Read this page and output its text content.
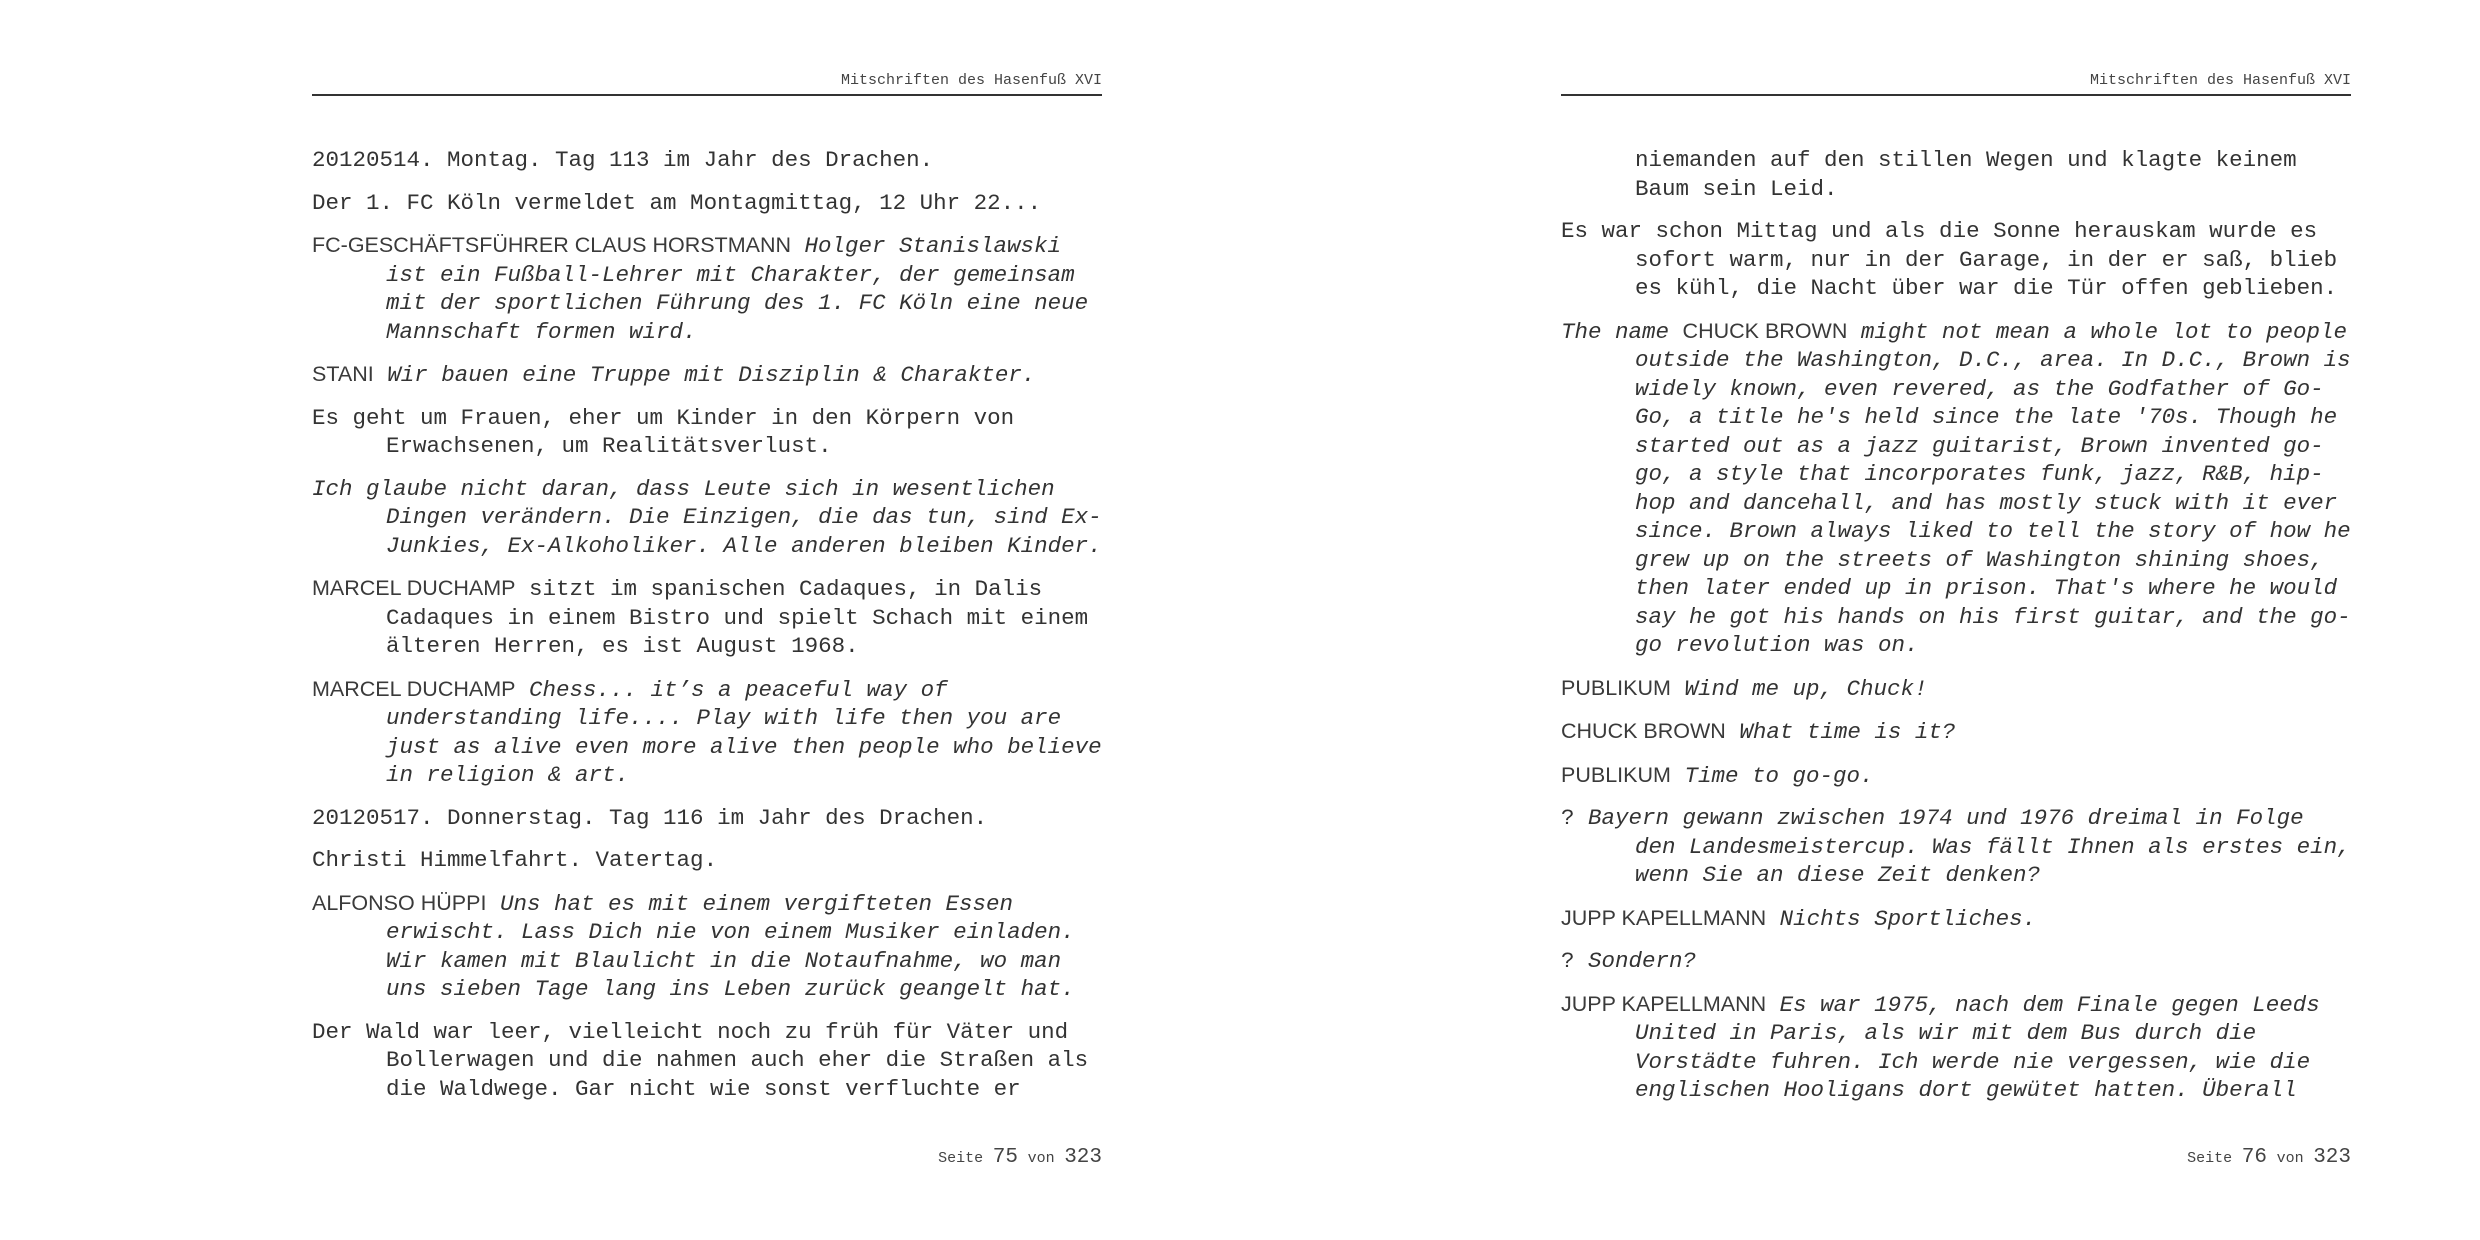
Mitschriften des Hasenfuß XVI

20120514. Montag. Tag 113 im Jahr des Drachen.

Der 1. FC Köln vermeldet am Montagmittag, 12 Uhr 22...

FC-GESCHÄFTSFÜHRER CLAUS HORSTMANN Holger Stanislawski ist ein Fußball-Lehrer mit Charakter, der gemeinsam mit der sportlichen Führung des 1. FC Köln eine neue Mannschaft formen wird.

STANI Wir bauen eine Truppe mit Disziplin & Charakter.

Es geht um Frauen, eher um Kinder in den Körpern von Erwachsenen, um Realitätsverlust.

Ich glaube nicht daran, dass Leute sich in wesentlichen Dingen verändern. Die Einzigen, die das tun, sind Ex-Junkies, Ex-Alkoholiker. Alle anderen bleiben Kinder.

MARCEL DUCHAMP sitzt im spanischen Cadaques, in Dalis Cadaques in einem Bistro und spielt Schach mit einem älteren Herren, es ist August 1968.

MARCEL DUCHAMP Chess... it’s a peaceful way of understanding life.... Play with life then you are just as alive even more alive then people who believe in religion & art.

20120517. Donnerstag. Tag 116 im Jahr des Drachen.

Christi Himmelfahrt. Vatertag.

ALFONSO HÜPPI Uns hat es mit einem vergifteten Essen erwischt. Lass Dich nie von einem Musiker einladen. Wir kamen mit Blaulicht in die Notaufnahme, wo man uns sieben Tage lang ins Leben zurück geangelt hat.

Der Wald war leer, vielleicht noch zu früh für Väter und Bollerwagen und die nahmen auch eher die Straßen als die Waldwege. Gar nicht wie sonst verfluchte er

Seite 75 von 323
Mitschriften des Hasenfuß XVI

niemanden auf den stillen Wegen und klagte keinem Baum sein Leid.

Es war schon Mittag und als die Sonne herauskam wurde es sofort warm, nur in der Garage, in der er saß, blieb es kühl, die Nacht über war die Tür offen geblieben.

The name CHUCK BROWN might not mean a whole lot to people outside the Washington, D.C., area. In D.C., Brown is widely known, even revered, as the Godfather of Go-Go, a title he's held since the late '70s. Though he started out as a jazz guitarist, Brown invented go-go, a style that incorporates funk, jazz, R&B, hip-hop and dancehall, and has mostly stuck with it ever since. Brown always liked to tell the story of how he grew up on the streets of Washington shining shoes, then later ended up in prison. That's where he would say he got his hands on his first guitar, and the go-go revolution was on.

PUBLIKUM Wind me up, Chuck!

CHUCK BROWN What time is it?

PUBLIKUM Time to go-go.

? Bayern gewann zwischen 1974 und 1976 dreimal in Folge den Landesmeistercup. Was fällt Ihnen als erstes ein, wenn Sie an diese Zeit denken?

JUPP KAPELLMANN Nichts Sportliches.

? Sondern?

JUPP KAPELLMANN Es war 1975, nach dem Finale gegen Leeds United in Paris, als wir mit dem Bus durch die Vorstädte fuhren. Ich werde nie vergessen, wie die englischen Hooligans dort gewütet hatten. Überall

Seite 76 von 323
